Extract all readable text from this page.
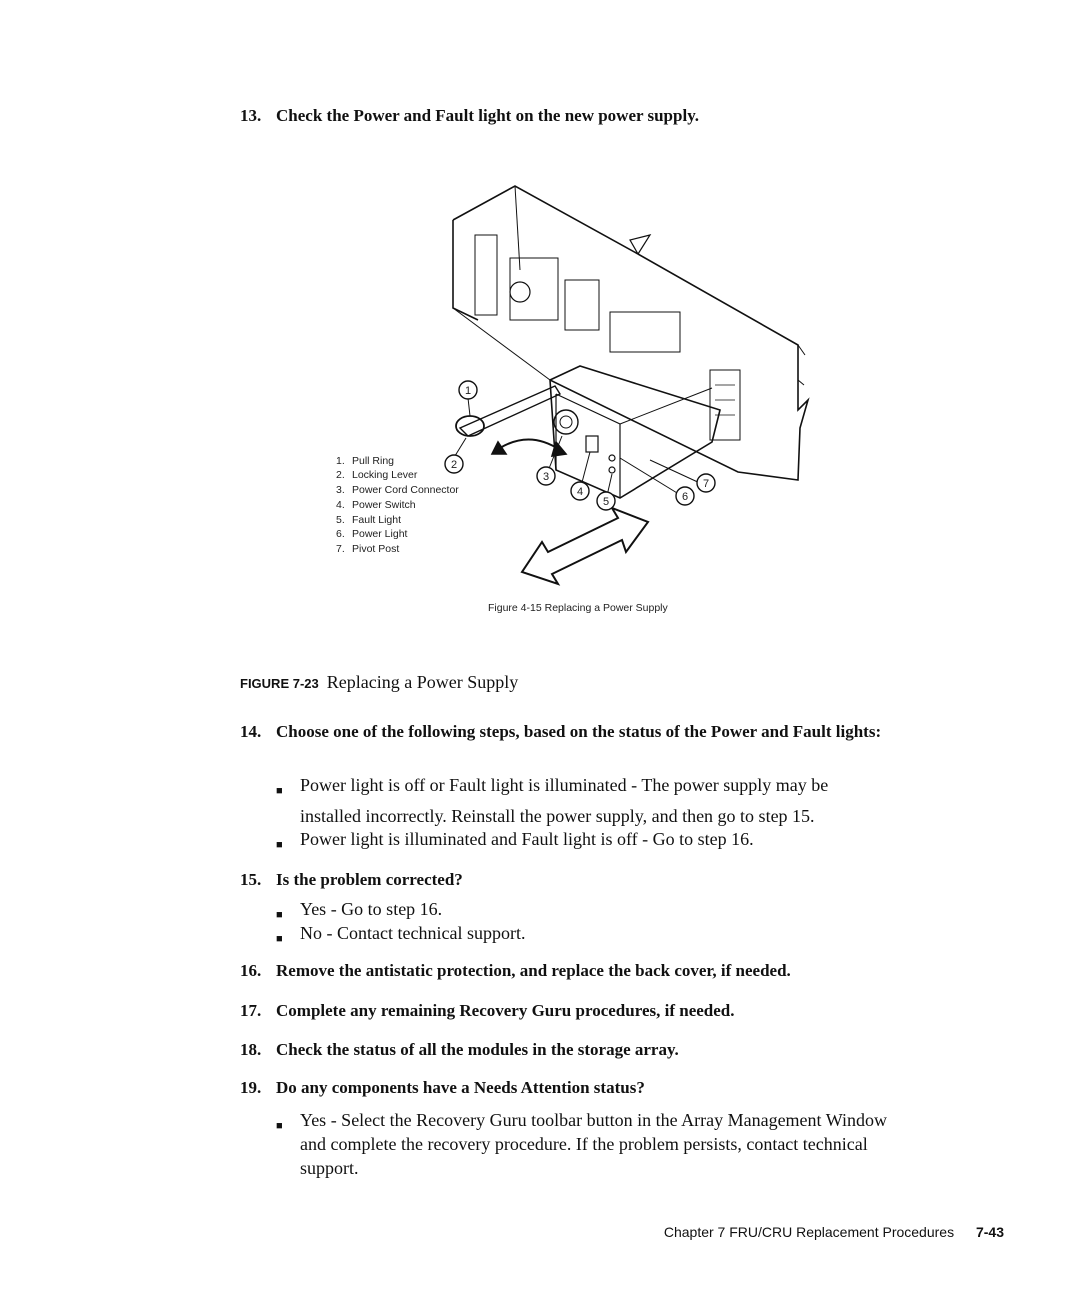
13. Check the Power and Fault light on the new power supply.
1
2
3
4
5	6
7
1. Pull Ring
2. Locking Lever
3. Power Cord Connector
4. Power Switch
5. Fault Light
6. Power Light
7. Pivot Post
Figure 4-15 Replacing a Power Supply
FIGURE 7-23 Replacing a Power Supply
14. Choose one of the following steps, based on the status of the Power and Fault lights:
■ Power light is off or Fault light is illuminated - The power supply may be
installed incorrectly. Reinstall the power supply, and then go to step 15.
■ Power light is illuminated and Fault light is off - Go to step 16.
15. Is the problem corrected?
■ Yes - Go to step 16.
■ No - Contact technical support.
16. Remove the antistatic protection, and replace the back cover, if needed.
17. Complete any remaining Recovery Guru procedures, if needed.
18. Check the status of all the modules in the storage array.
19. Do any components have a Needs Attention status?
■ Yes - Select the Recovery Guru toolbar button in the Array Management Window
and complete the recovery procedure. If the problem persists, contact technical
support.
Chapter 7 FRU/CRU Replacement Procedures 7-43
